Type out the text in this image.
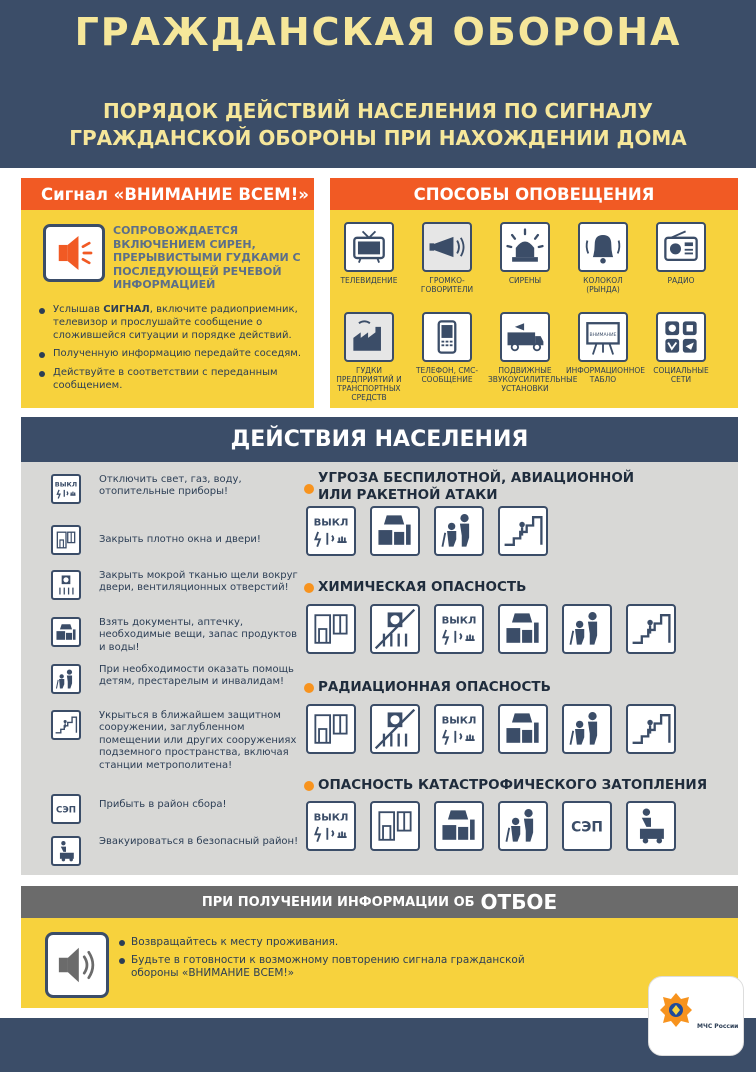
ГРАЖДАНСКАЯ ОБОРОНА
ПОРЯДОК ДЕЙСТВИЙ НАСЕЛЕНИЯ ПО СИГНАЛУ
ГРАЖДАНСКОЙ ОБОРОНЫ ПРИ НАХОЖДЕНИИ ДОМА
Сигнал «ВНИМАНИЕ ВСЕМ!»
СОПРОВОЖДАЕТСЯ ВКЛЮЧЕНИЕМ СИРЕН, ПРЕРЫВИСТЫМИ ГУДКАМИ С ПОСЛЕДУЮЩЕЙ РЕЧЕВОЙ ИНФОРМАЦИЕЙ
Услышав СИГНАЛ, включите радиоприемник, телевизор и прослушайте сообщение о сложившейся ситуации и порядке действий.
Полученную информацию передайте соседям.
Действуйте в соответствии с переданным сообщением.
СПОСОБЫ ОПОВЕЩЕНИЯ
ТЕЛЕВИДЕНИЕ	ГРОМКО-ГОВОРИТЕЛИ
СИРЕНЫ	КОЛОКОЛ (РЫНДА)
РАДИО
ГУДКИ ПРЕДПРИЯТИЙ И ТРАНСПОРТНЫХ СРЕДСТВ
ТЕЛЕФОН, СМС-СООБЩЕНИЕ
ПОДВИЖНЫЕ ЗВУКОУСИЛИТЕЛЬНЫЕ УСТАНОВКИ
ВНИМАНИЕ
ИНФОРМАЦИОННОЕ ТАБЛО
СОЦИАЛЬНЫЕ СЕТИ
ДЕЙСТВИЯ НАСЕЛЕНИЯ
ВЫКЛ Отключить свет, газ, воду, отопительные приборы!
Закрыть плотно окна и двери!
Закрыть мокрой тканью щели вокруг двери, вентиляционных отверстий!
Взять документы, аптечку, необходимые вещи, запас продуктов и воды!
При необходимости оказать помощь детям, престарелым и инвалидам!
Укрыться в ближайшем защитном сооружении, заглубленном помещении или других сооружениях подземного пространства, включая станции метрополитена!
СЭП
Прибыть в район сбора!
Эвакуироваться в безопасный район!
УГРОЗА БЕСПИЛОТНОЙ, АВИАЦИОННОЙ
ИЛИ РАКЕТНОЙ АТАКИ
ВЫКЛ
ХИМИЧЕСКАЯ ОПАСНОСТЬ
ВЫКЛ
РАДИАЦИОННАЯ ОПАСНОСТЬ
ВЫКЛ
ОПАСНОСТЬ КАТАСТРОФИЧЕСКОГО ЗАТОПЛЕНИЯ
ВЫКЛ
СЭП
ПРИ ПОЛУЧЕНИИ ИНФОРМАЦИИ ОБ ОТБОЕ
Возвращайтесь к месту проживания.
Будьте в готовности к возможному повторению сигнала гражданской обороны «ВНИМАНИЕ ВСЕМ!»
МЧС России
